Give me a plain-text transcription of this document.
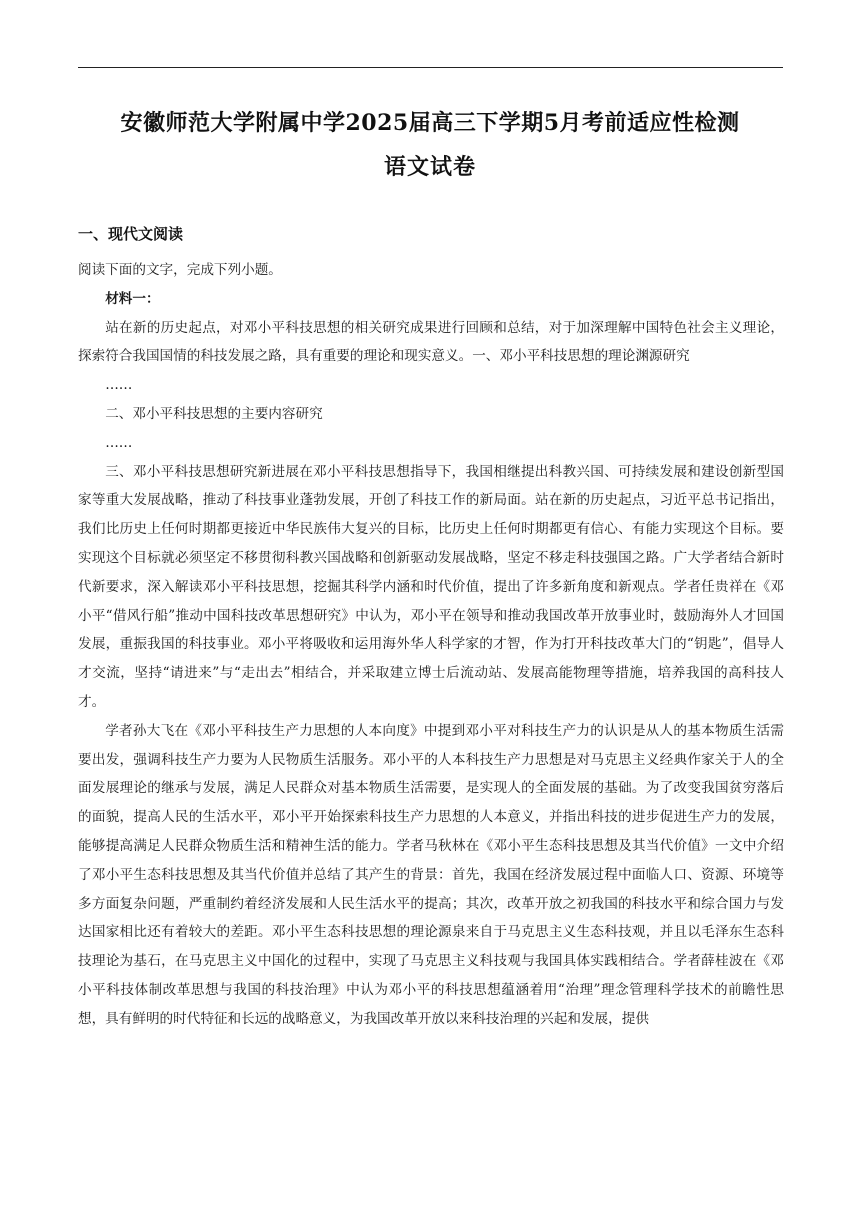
安徽师范大学附属中学2025届高三下学期5月考前适应性检测
语文试卷
一、现代文阅读

阅读下面的文字，完成下列小题。

材料一：

站在新的历史起点，对邓小平科技思想的相关研究成果进行回顾和总结，对于加深理解中国特色社会主义理论，探索符合我国国情的科技发展之路，具有重要的理论和现实意义。一、邓小平科技思想的理论渊源研究

……

二、邓小平科技思想的主要内容研究

……

三、邓小平科技思想研究新进展在邓小平科技思想指导下，我国相继提出科教兴国、可持续发展和建设创新型国家等重大发展战略，推动了科技事业蓬勃发展，开创了科技工作的新局面。站在新的历史起点，习近平总书记指出，我们比历史上任何时期都更接近中华民族伟大复兴的目标，比历史上任何时期都更有信心、有能力实现这个目标。要实现这个目标就必须坚定不移贯彻科教兴国战略和创新驱动发展战略，坚定不移走科技强国之路。广大学者结合新时代新要求，深入解读邓小平科技思想，挖掘其科学内涵和时代价值，提出了许多新角度和新观点。学者任贵祥在《邓小平“借风行船”推动中国科技改革思想研究》中认为，邓小平在领导和推动我国改革开放事业时，鼓励海外人才回国发展，重振我国的科技事业。邓小平将吸收和运用海外华人科学家的才智，作为打开科技改革大门的“钥匙”，倡导人才交流，坚持“请进来”与“走出去”相结合，并采取建立博士后流动站、发展高能物理等措施，培养我国的高科技人才。

学者孙大飞在《邓小平科技生产力思想的人本向度》中提到邓小平对科技生产力的认识是从人的基本物质生活需要出发，强调科技生产力要为人民物质生活服务。邓小平的人本科技生产力思想是对马克思主义经典作家关于人的全面发展理论的继承与发展，满足人民群众对基本物质生活需要，是实现人的全面发展的基础。为了改变我国贫穷落后的面貌，提高人民的生活水平，邓小平开始探索科技生产力思想的人本意义，并指出科技的进步促进生产力的发展，能够提高满足人民群众物质生活和精神生活的能力。学者马秋林在《邓小平生态科技思想及其当代价值》一文中介绍了邓小平生态科技思想及其当代价值并总结了其产生的背景：首先，我国在经济发展过程中面临人口、资源、环境等多方面复杂问题，严重制约着经济发展和人民生活水平的提高；其次，改革开放之初我国的科技水平和综合国力与发达国家相比还有着较大的差距。邓小平生态科技思想的理论源泉来自于马克思主义生态科技观，并且以毛泽东生态科技理论为基石，在马克思主义中国化的过程中，实现了马克思主义科技观与我国具体实践相结合。学者薛桂波在《邓小平科技体制改革思想与我国的科技治理》中认为邓小平的科技思想蕴涵着用“治理”理念管理科学技术的前瞻性思想，具有鲜明的时代特征和长远的战略意义，为我国改革开放以来科技治理的兴起和发展，提供
